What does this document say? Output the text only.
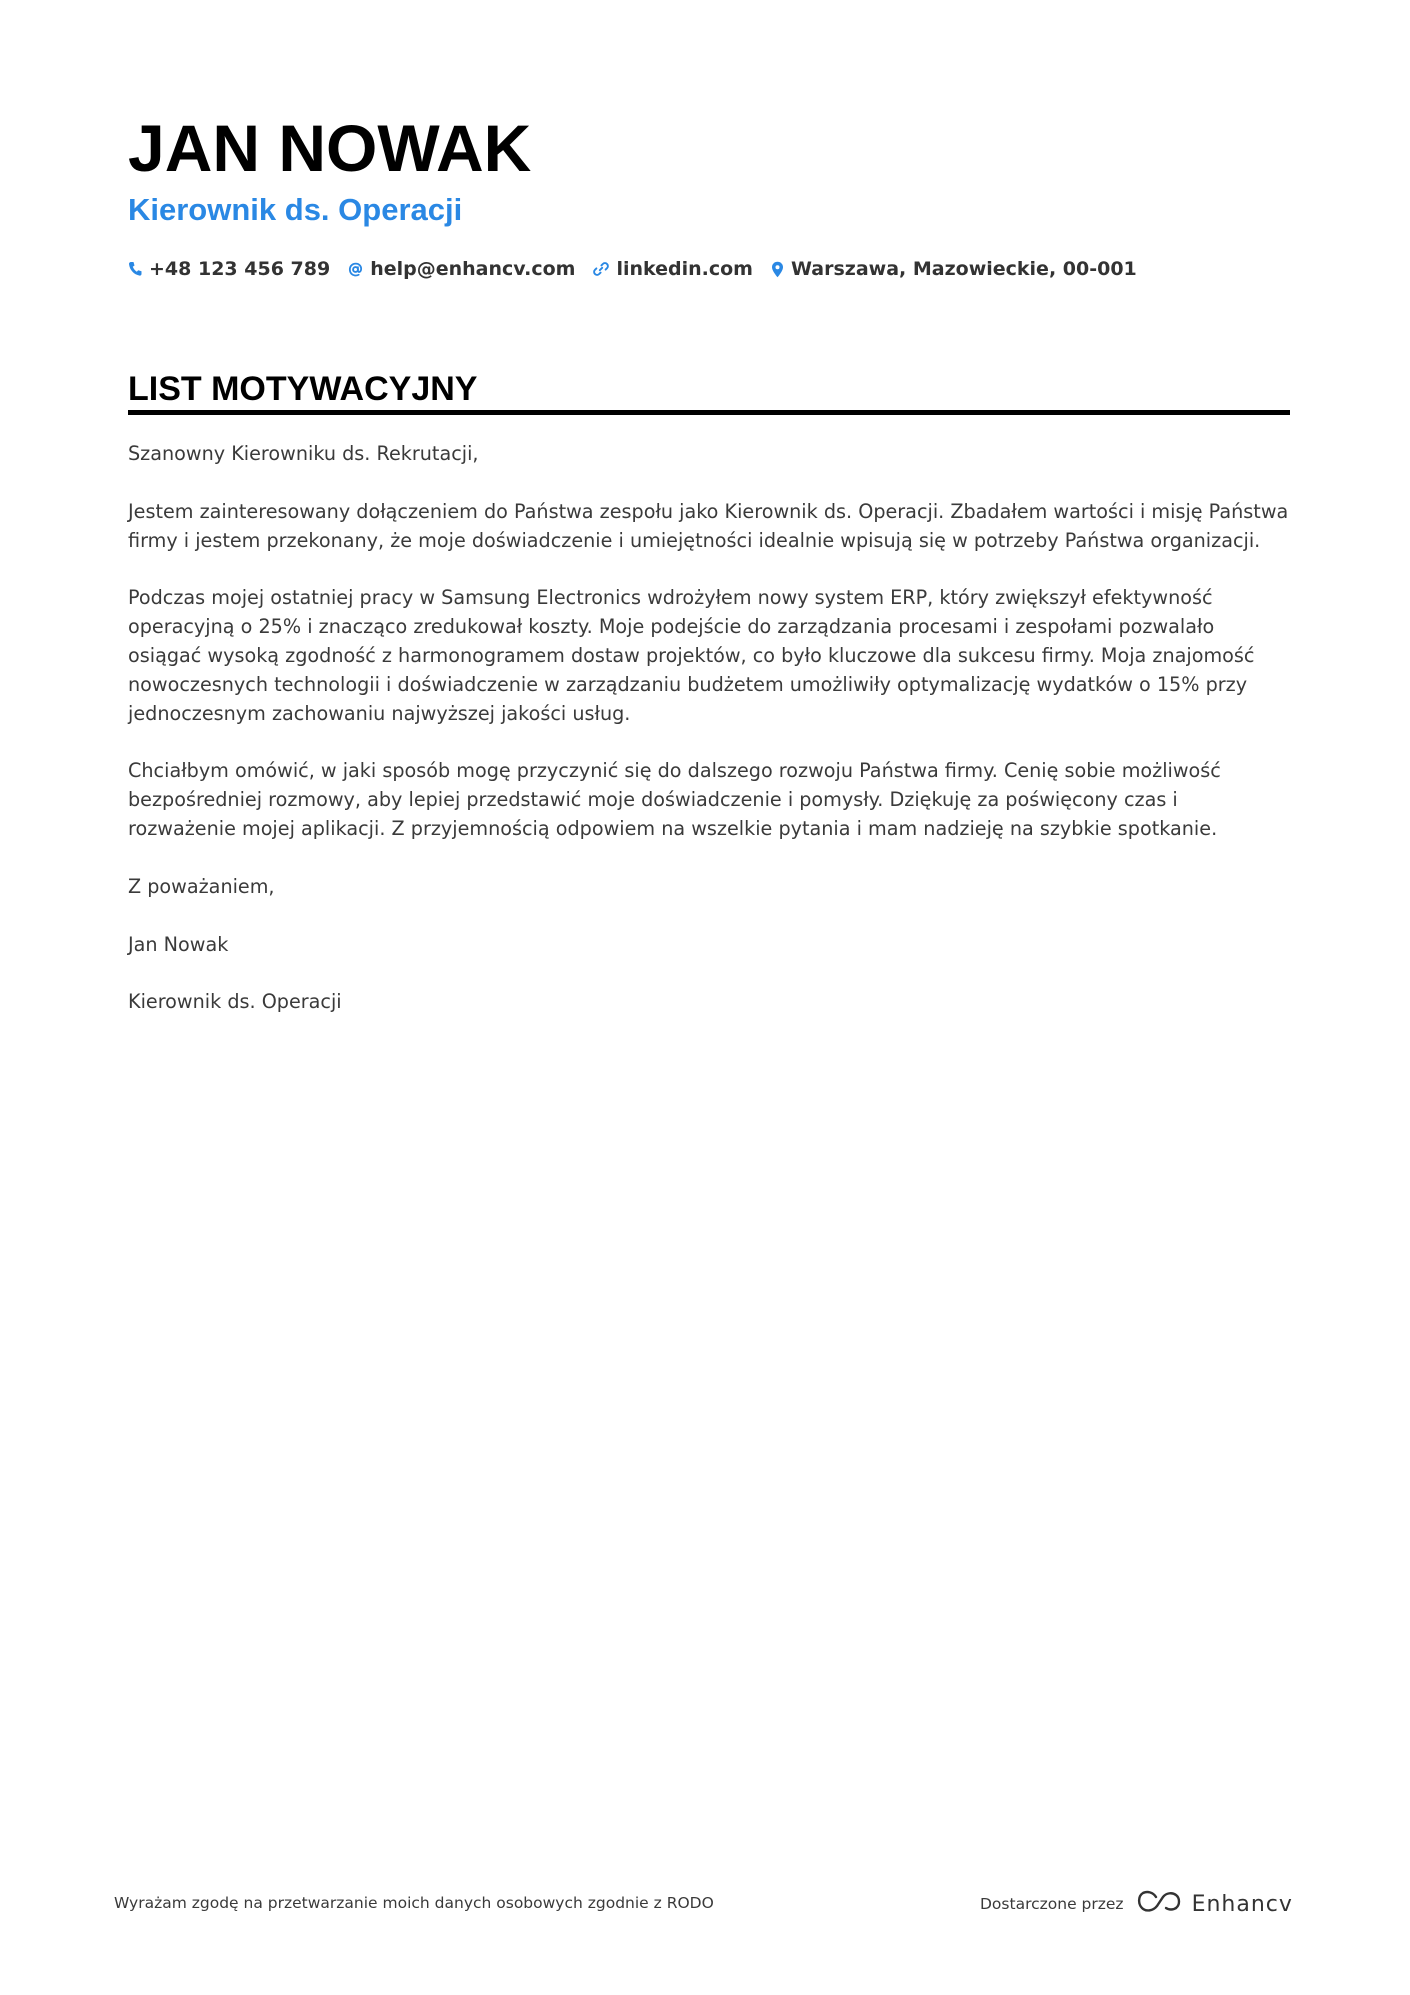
JAN NOWAK
Kierownik ds. Operacji
+48 123 456 789 help@enhancv.com linkedin.com Warszawa, Mazowieckie, 00-001
LIST MOTYWACYJNY

Szanowny Kierowniku ds. Rekrutacji,

Jestem zainteresowany dołączeniem do Państwa zespołu jako Kierownik ds. Operacji. Zbadałem wartości i misję Państwa firmy i jestem przekonany, że moje doświadczenie i umiejętności idealnie wpisują się w potrzeby Państwa organizacji.

Podczas mojej ostatniej pracy w Samsung Electronics wdrożyłem nowy system ERP, który zwiększył efektywność operacyjną o 25% i znacząco zredukował koszty. Moje podejście do zarządzania procesami i zespołami pozwalało osiągać wysoką zgodność z harmonogramem dostaw projektów, co było kluczowe dla sukcesu firmy. Moja znajomość nowoczesnych technologii i doświadczenie w zarządzaniu budżetem umożliwiły optymalizację wydatków o 15% przy jednoczesnym zachowaniu najwyższej jakości usług.

Chciałbym omówić, w jaki sposób mogę przyczynić się do dalszego rozwoju Państwa firmy. Cenię sobie możliwość bezpośredniej rozmowy, aby lepiej przedstawić moje doświadczenie i pomysły. Dziękuję za poświęcony czas i rozważenie mojej aplikacji. Z przyjemnością odpowiem na wszelkie pytania i mam nadzieję na szybkie spotkanie.

Z poważaniem,

Jan Nowak

Kierownik ds. Operacji

Wyrażam zgodę na przetwarzanie moich danych osobowych zgodnie z RODO	Dostarczone przez	Enhancv
